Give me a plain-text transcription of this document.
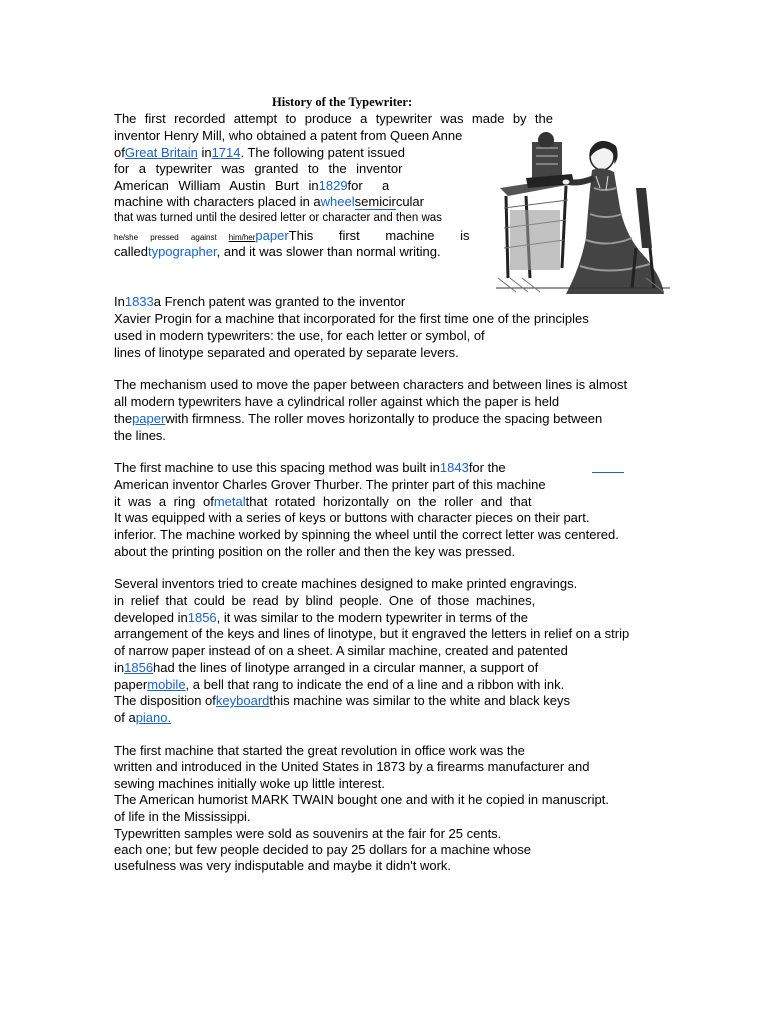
History of the Typewriter:
The first recorded attempt to produce a typewriter was made by the
inventor Henry Mill, who obtained a patent from Queen Anne
ofGreat Britain in1714. The following patent issued
for a typewriter was granted to the inventor
American William Austin Burt in1829for  a
machine with characters placed in awheelsemicircular
that was turned until the desired letter or character and then was
he/she pressed against him/herpaperThis first machine is
calledtypographer, and it was slower than normal writing.
In1833a French patent was granted to the inventor
Xavier Progin for a machine that incorporated for the first time one of the principles
used in modern typewriters: the use, for each letter or symbol, of
lines of linotype separated and operated by separate levers.
The mechanism used to move the paper between characters and between lines is almost
all modern typewriters have a cylindrical roller against which the paper is held
thepaperwith firmness. The roller moves horizontally to produce the spacing between
the lines.
The first machine to use this spacing method was built in1843for the
American inventor Charles Grover Thurber. The printer part of this machine
it was a ring ofmetalthat rotated horizontally on the roller and that
It was equipped with a series of keys or buttons with character pieces on their part.
inferior. The machine worked by spinning the wheel until the correct letter was centered.
about the printing position on the roller and then the key was pressed.
Several inventors tried to create machines designed to make printed engravings.
in relief that could be read by blind people. One of those machines,
developed in1856, it was similar to the modern typewriter in terms of the
arrangement of the keys and lines of linotype, but it engraved the letters in relief on a strip
of narrow paper instead of on a sheet. A similar machine, created and patented
in1856had the lines of linotype arranged in a circular manner, a support of
papermobile, a bell that rang to indicate the end of a line and a ribbon with ink.
The disposition ofkeyboardthis machine was similar to the white and black keys
of apiano.
The first machine that started the great revolution in office work was the
written and introduced in the United States in 1873 by a firearms manufacturer and
sewing machines initially woke up little interest.
The American humorist MARK TWAIN bought one and with it he copied in manuscript.
of life in the Mississippi.
Typewritten samples were sold as souvenirs at the fair for 25 cents.
each one; but few people decided to pay 25 dollars for a machine whose
usefulness was very indisputable and maybe it didn't work.
